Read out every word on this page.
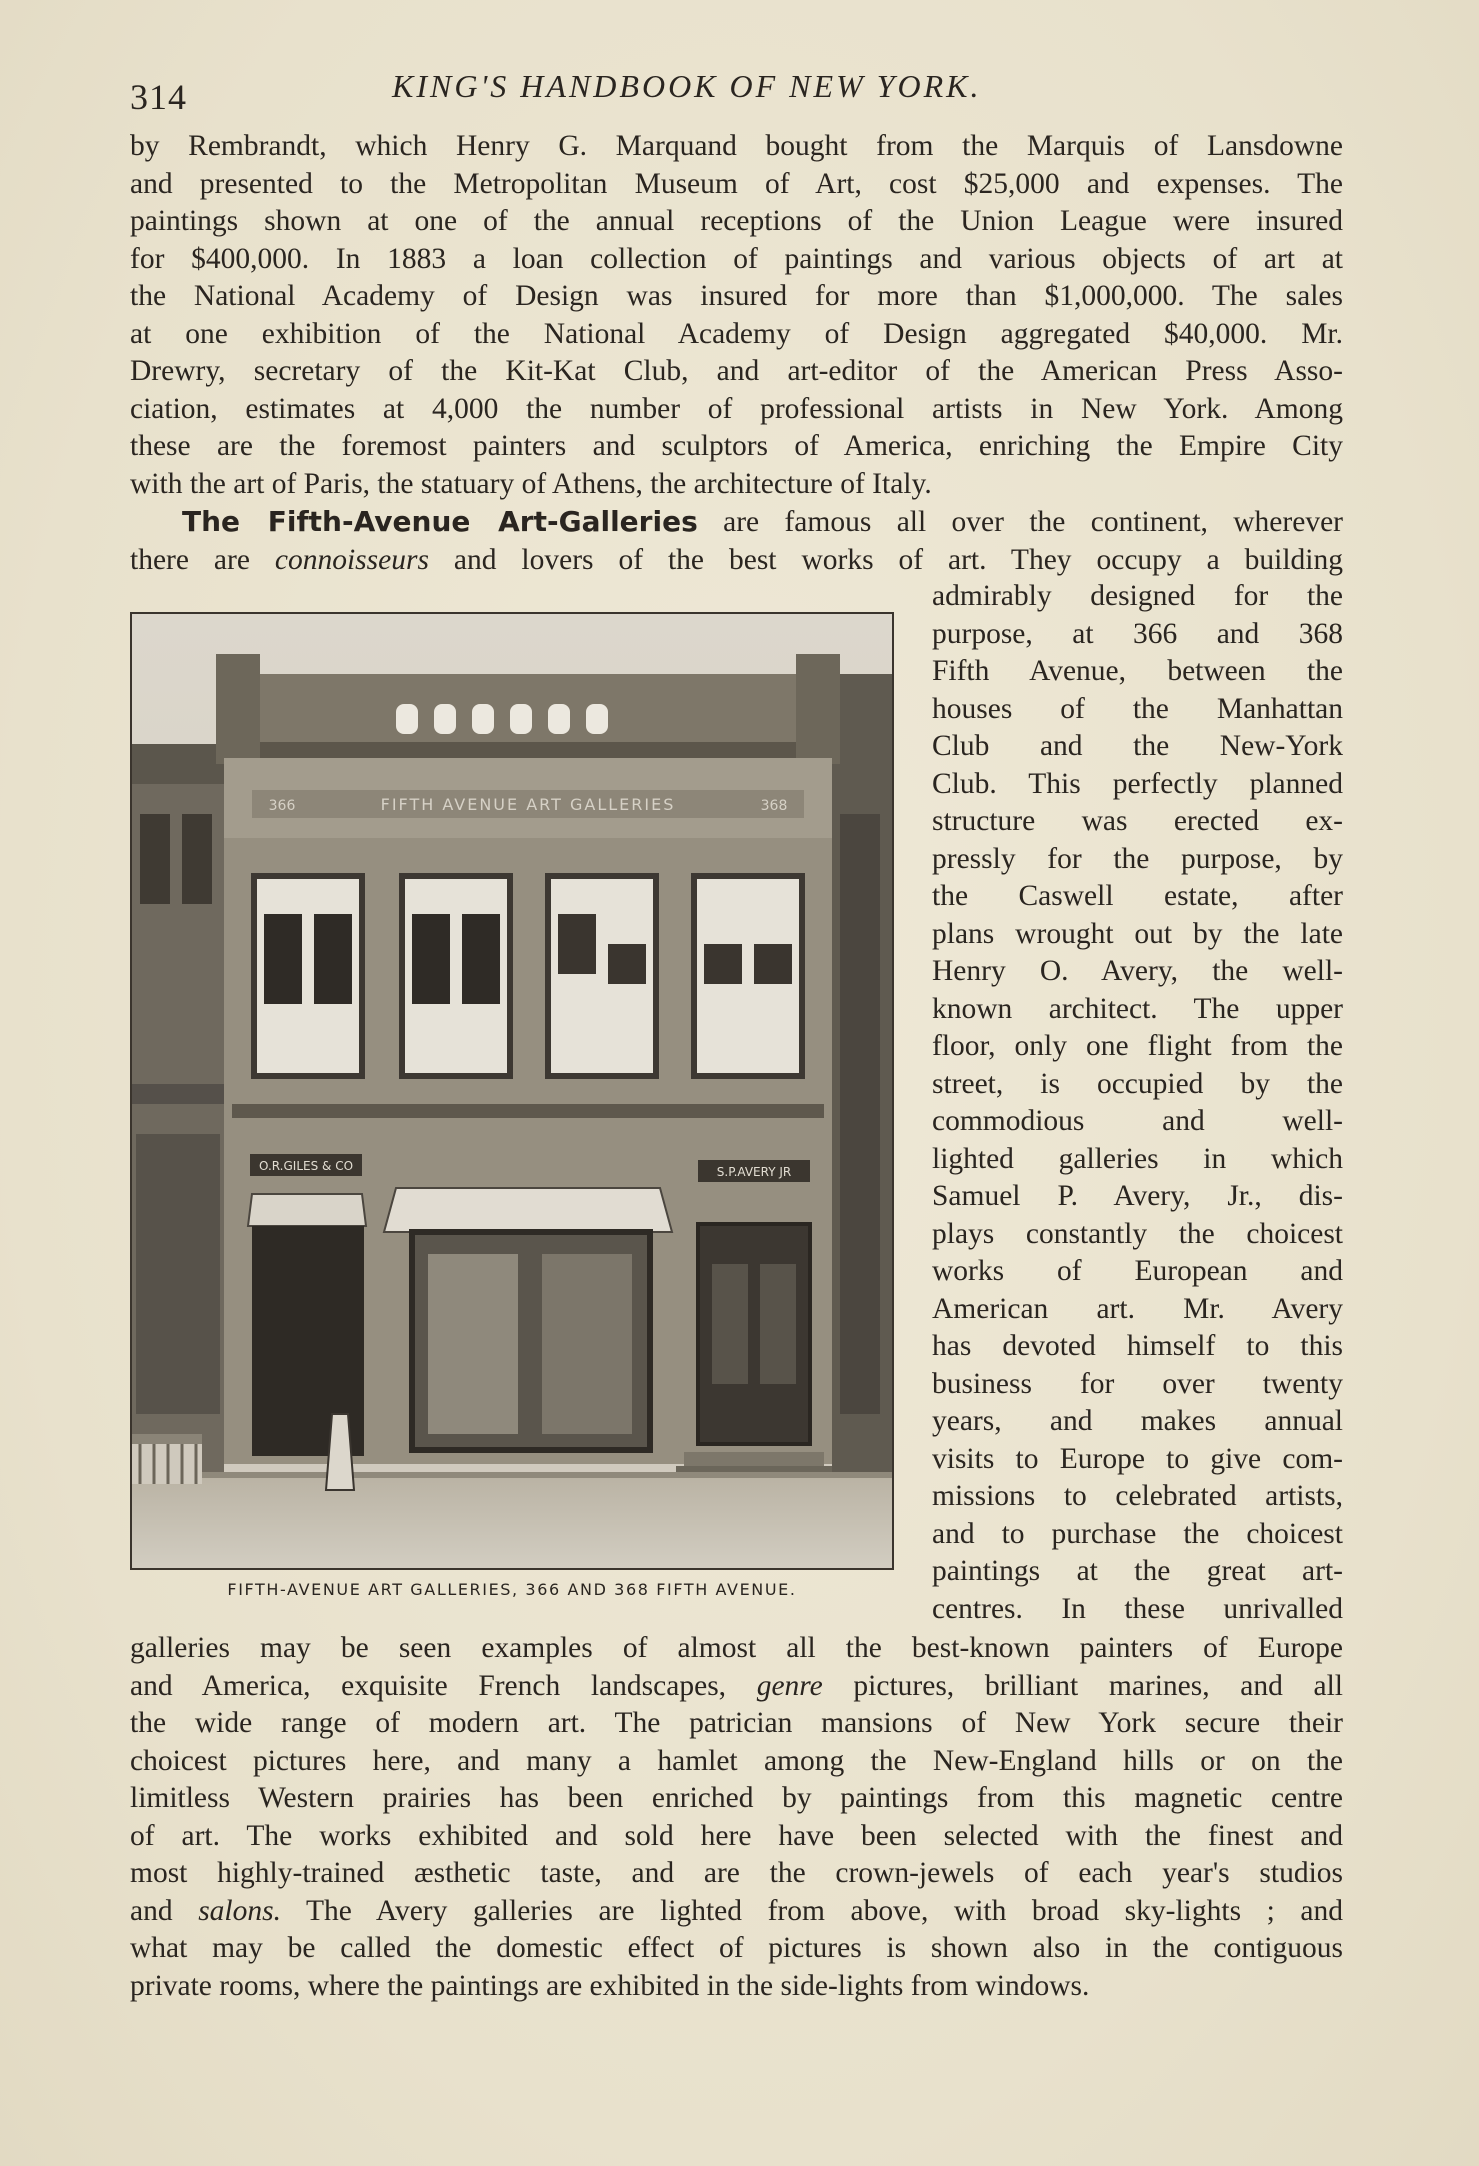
314	KING'S HANDBOOK OF NEW YORK.
by Rembrandt, which Henry G. Marquand bought from the Marquis of Lansdowne
and presented to the Metropolitan Museum of Art, cost $25,000 and expenses. The
paintings shown at one of the annual receptions of the Union League were insured
for $400,000. In 1883 a loan collection of paintings and various objects of art at
the National Academy of Design was insured for more than $1,000,000. The sales
at one exhibition of the National Academy of Design aggregated $40,000. Mr.
Drewry, secretary of the Kit-Kat Club, and art-editor of the American Press Asso-
ciation, estimates at 4,000 the number of professional artists in New York. Among
these are the foremost painters and sculptors of America, enriching the Empire City
with the art of Paris, the statuary of Athens, the architecture of Italy.
The Fifth-Avenue Art-Galleries are famous all over the continent, wherever
there are connoisseurs and lovers of the best works of art. They occupy a building
admirably designed for the
purpose, at 366 and 368
Fifth Avenue, between the
houses of the Manhattan
Club and the New-York
Club. This perfectly planned
structure was erected ex-
pressly for the purpose, by
the Caswell estate, after
plans wrought out by the late
Henry O. Avery, the well-
known architect. The upper
floor, only one flight from the
street, is occupied by the
commodious and well-
lighted galleries in which
Samuel P. Avery, Jr., dis-
plays constantly the choicest
works of European and
American art. Mr. Avery
has devoted himself to this
business for over twenty
years, and makes annual
visits to Europe to give com-
missions to celebrated artists,
and to purchase the choicest
paintings at the great art-
centres. In these unrivalled
FIFTH AVENUE ART GALLERIES
366	368
O.R.GILES & CO	S.P.AVERY JR
FIFTH-AVENUE ART GALLERIES, 366 AND 368 FIFTH AVENUE.
galleries may be seen examples of almost all the best-known painters of Europe
and America, exquisite French landscapes, genre pictures, brilliant marines, and all
the wide range of modern art. The patrician mansions of New York secure their
choicest pictures here, and many a hamlet among the New-England hills or on the
limitless Western prairies has been enriched by paintings from this magnetic centre
of art. The works exhibited and sold here have been selected with the finest and
most highly-trained æsthetic taste, and are the crown-jewels of each year's studios
and salons. The Avery galleries are lighted from above, with broad sky-lights ; and
what may be called the domestic effect of pictures is shown also in the contiguous
private rooms, where the paintings are exhibited in the side-lights from windows.
